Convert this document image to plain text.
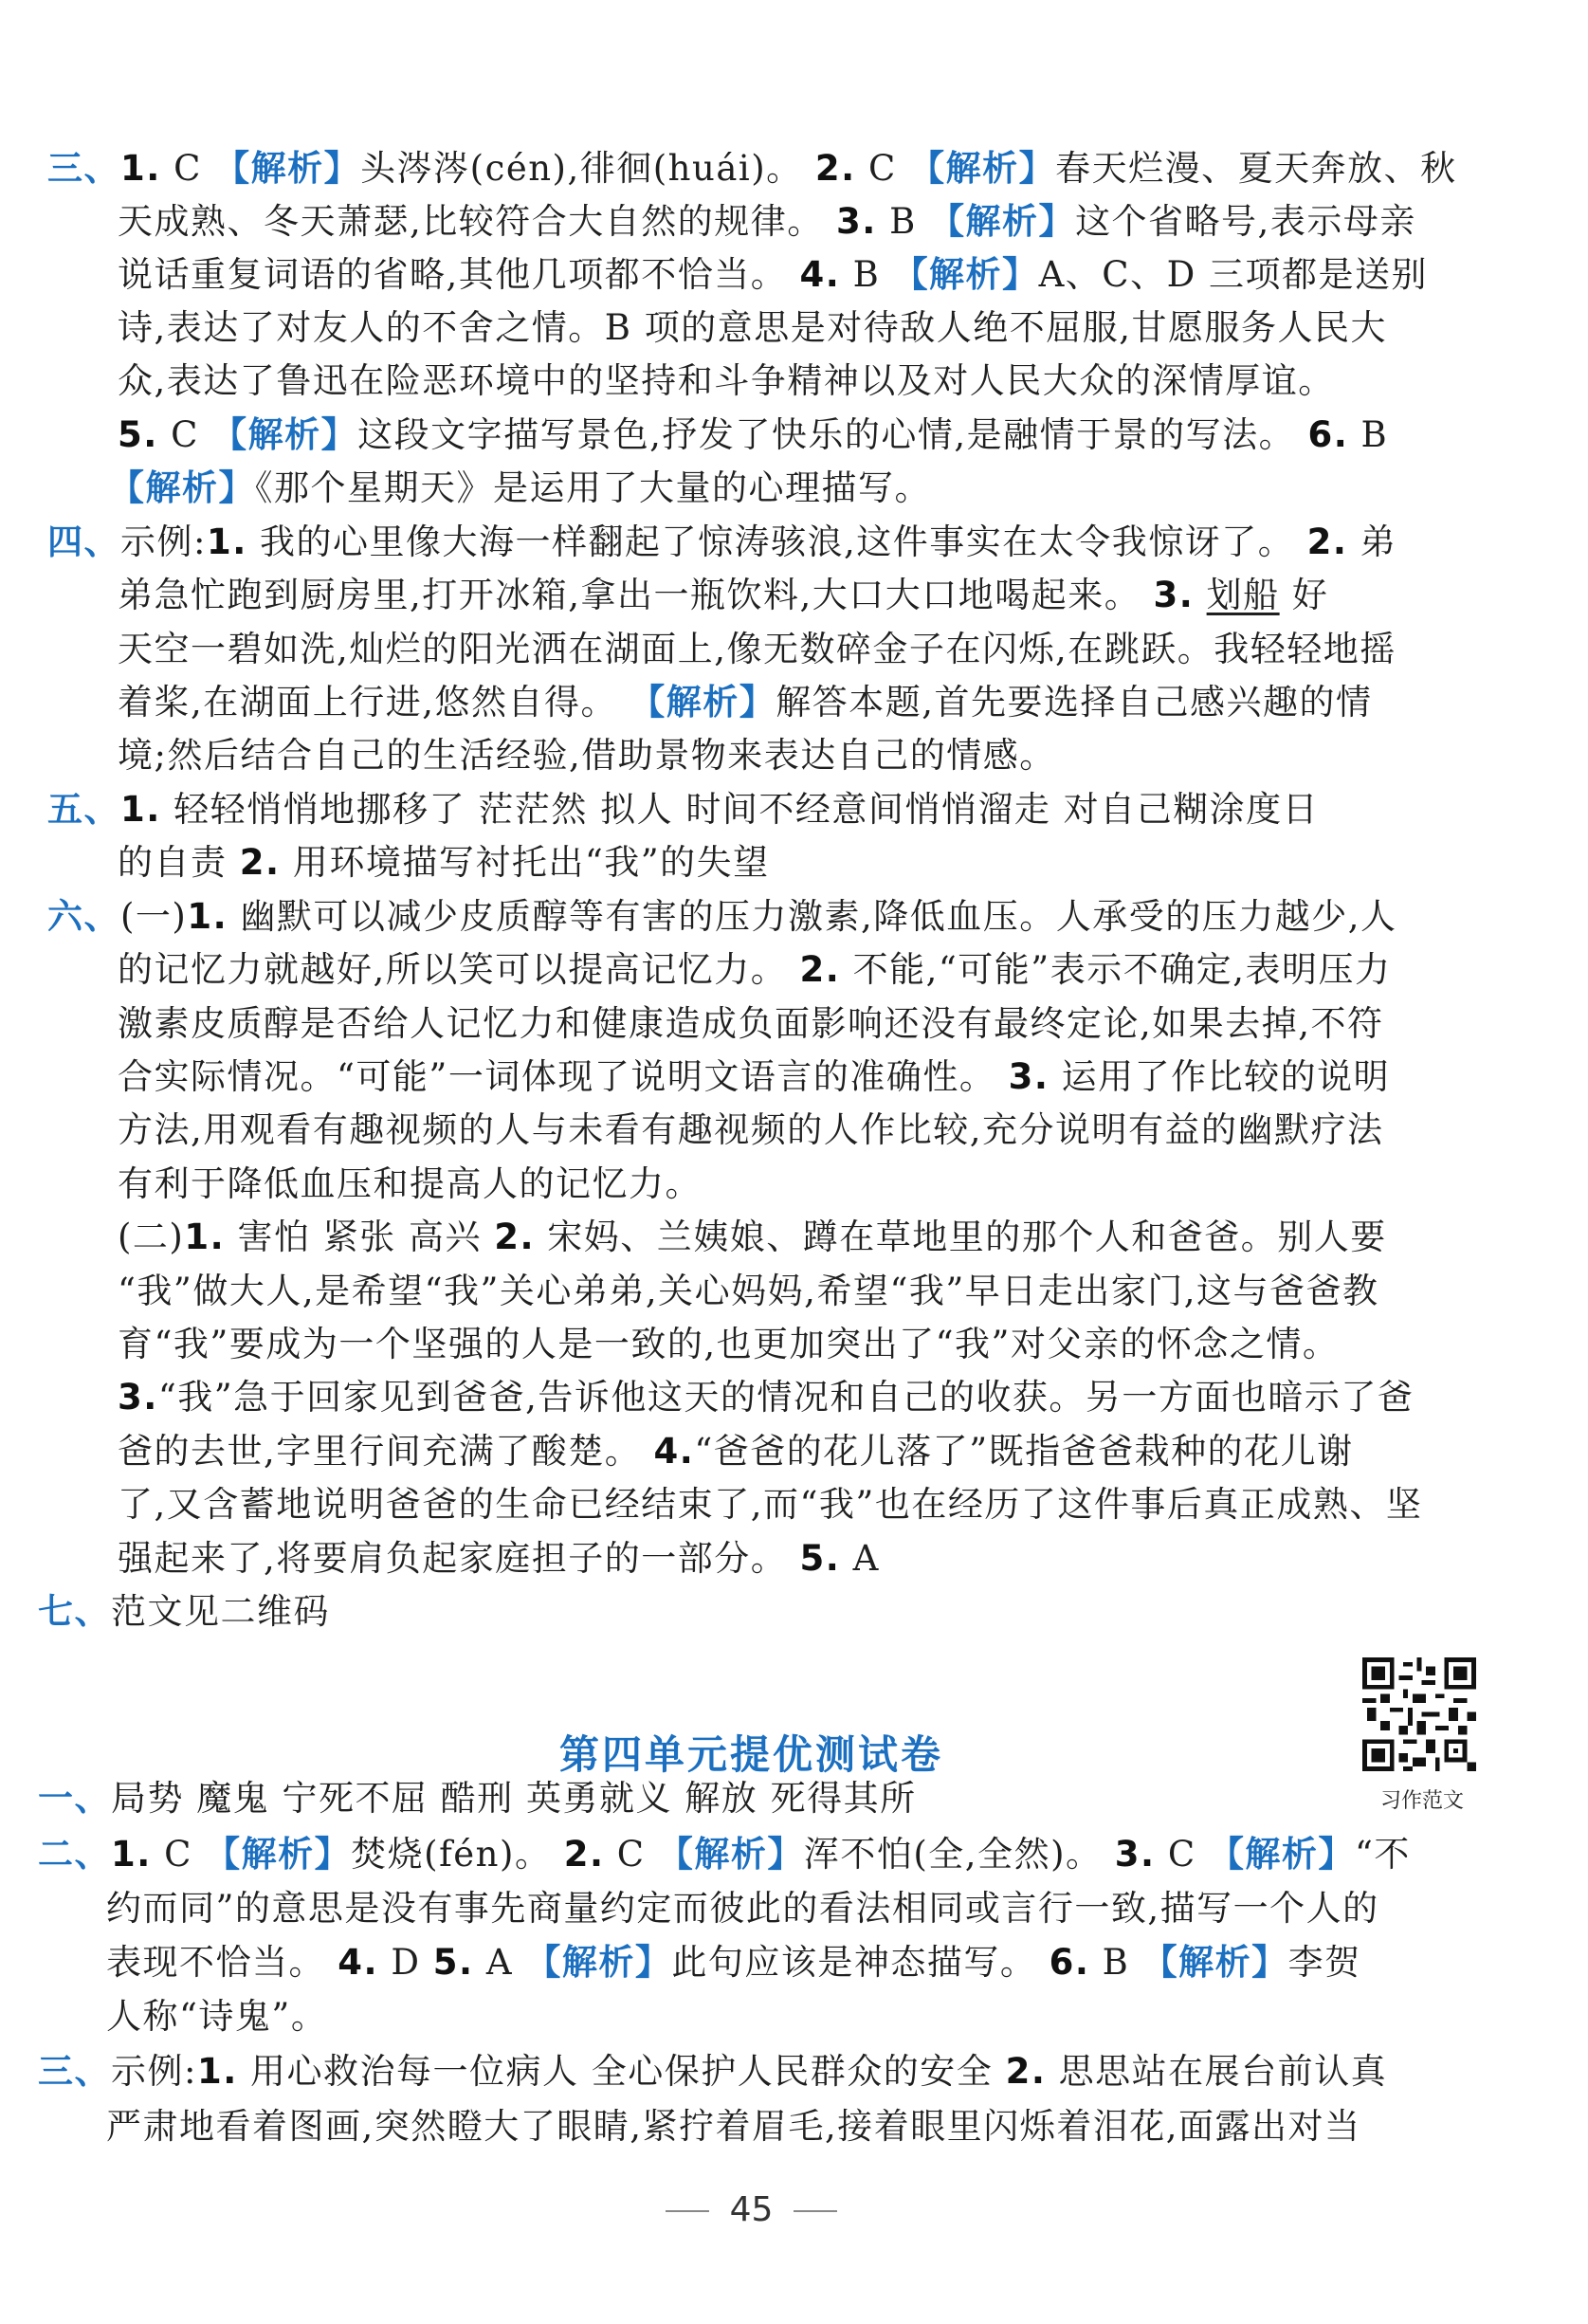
三、1. C 【解析】头涔涔(cén),徘徊(huái)。 2. C 【解析】春天烂漫、夏天奔放、秋
天成熟、冬天萧瑟,比较符合大自然的规律。 3. B 【解析】这个省略号,表示母亲
说话重复词语的省略,其他几项都不恰当。 4. B 【解析】A、C、D 三项都是送别
诗,表达了对友人的不舍之情。B 项的意思是对待敌人绝不屈服,甘愿服务人民大
众,表达了鲁迅在险恶环境中的坚持和斗争精神以及对人民大众的深情厚谊。
5. C 【解析】这段文字描写景色,抒发了快乐的心情,是融情于景的写法。 6. B
【解析】《那个星期天》是运用了大量的心理描写。
四、示例:1. 我的心里像大海一样翻起了惊涛骇浪,这件事实在太令我惊讶了。 2. 弟
弟急忙跑到厨房里,打开冰箱,拿出一瓶饮料,大口大口地喝起来。 3. 划船 好
天空一碧如洗,灿烂的阳光洒在湖面上,像无数碎金子在闪烁,在跳跃。我轻轻地摇
着桨,在湖面上行进,悠然自得。 【解析】解答本题,首先要选择自己感兴趣的情
境;然后结合自己的生活经验,借助景物来表达自己的情感。
五、1. 轻轻悄悄地挪移了 茫茫然 拟人 时间不经意间悄悄溜走 对自己糊涂度日
的自责 2. 用环境描写衬托出“我”的失望
六、(一)1. 幽默可以减少皮质醇等有害的压力激素,降低血压。人承受的压力越少,人
的记忆力就越好,所以笑可以提高记忆力。 2. 不能,“可能”表示不确定,表明压力
激素皮质醇是否给人记忆力和健康造成负面影响还没有最终定论,如果去掉,不符
合实际情况。“可能”一词体现了说明文语言的准确性。 3. 运用了作比较的说明
方法,用观看有趣视频的人与未看有趣视频的人作比较,充分说明有益的幽默疗法
有利于降低血压和提高人的记忆力。
(二)1. 害怕 紧张 高兴 2. 宋妈、兰姨娘、蹲在草地里的那个人和爸爸。别人要
“我”做大人,是希望“我”关心弟弟,关心妈妈,希望“我”早日走出家门,这与爸爸教
育“我”要成为一个坚强的人是一致的,也更加突出了“我”对父亲的怀念之情。
3.“我”急于回家见到爸爸,告诉他这天的情况和自己的收获。另一方面也暗示了爸
爸的去世,字里行间充满了酸楚。 4.“爸爸的花儿落了”既指爸爸栽种的花儿谢
了,又含蓄地说明爸爸的生命已经结束了,而“我”也在经历了这件事后真正成熟、坚
强起来了,将要肩负起家庭担子的一部分。 5. A
七、范文见二维码
一、局势 魔鬼 宁死不屈 酷刑 英勇就义 解放 死得其所
二、1. C 【解析】焚烧(fén)。 2. C 【解析】浑不怕(全,全然)。 3. C 【解析】“不
约而同”的意思是没有事先商量约定而彼此的看法相同或言行一致,描写一个人的
表现不恰当。 4. D 5. A 【解析】此句应该是神态描写。 6. B 【解析】李贺
人称“诗鬼”。
三、示例:1. 用心救治每一位病人 全心保护人民群众的安全 2. 思思站在展台前认真
严肃地看着图画,突然瞪大了眼睛,紧拧着眉毛,接着眼里闪烁着泪花,面露出对当
第四单元提优测试卷
习作范文
45
